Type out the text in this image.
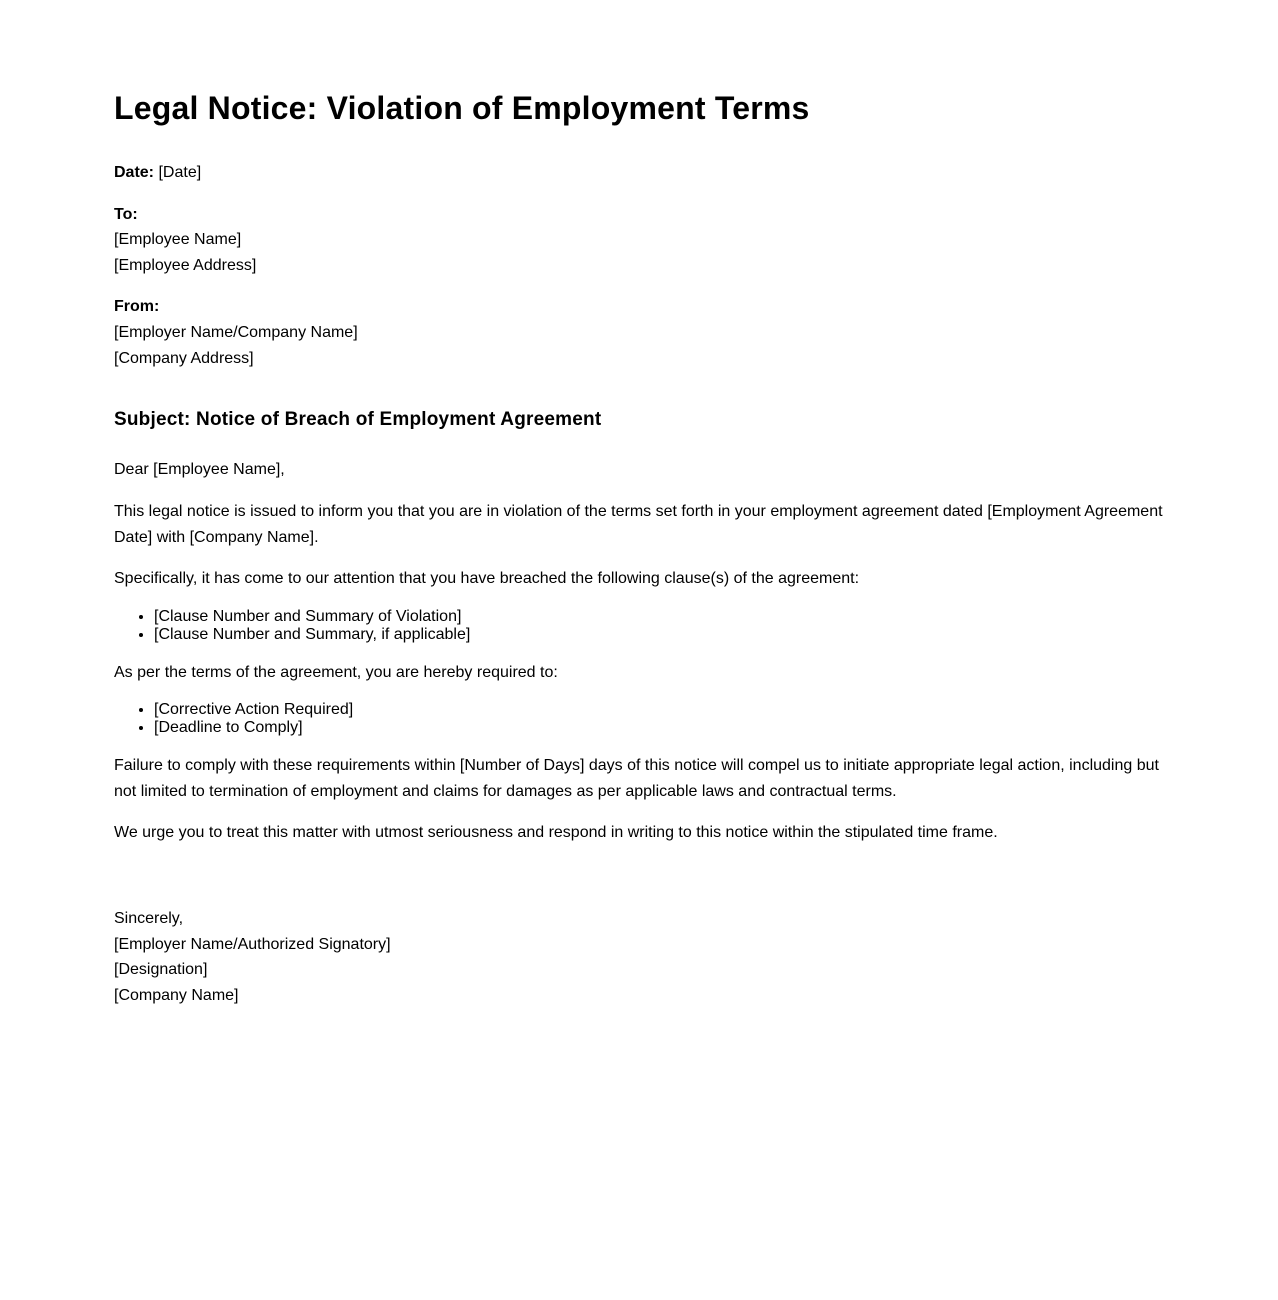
Legal Notice: Violation of Employment Terms
Date: [Date]
To:
[Employee Name]
[Employee Address]
From:
[Employer Name/Company Name]
[Company Address]
Subject: Notice of Breach of Employment Agreement
Dear [Employee Name],
This legal notice is issued to inform you that you are in violation of the terms set forth in your employment agreement dated [Employment Agreement Date] with [Company Name].
Specifically, it has come to our attention that you have breached the following clause(s) of the agreement:
• [Clause Number and Summary of Violation]
• [Clause Number and Summary, if applicable]
As per the terms of the agreement, you are hereby required to:
• [Corrective Action Required]
• [Deadline to Comply]
Failure to comply with these requirements within [Number of Days] days of this notice will compel us to initiate appropriate legal action, including but not limited to termination of employment and claims for damages as per applicable laws and contractual terms.
We urge you to treat this matter with utmost seriousness and respond in writing to this notice within the stipulated time frame.
Sincerely,
[Employer Name/Authorized Signatory]
[Designation]
[Company Name]
